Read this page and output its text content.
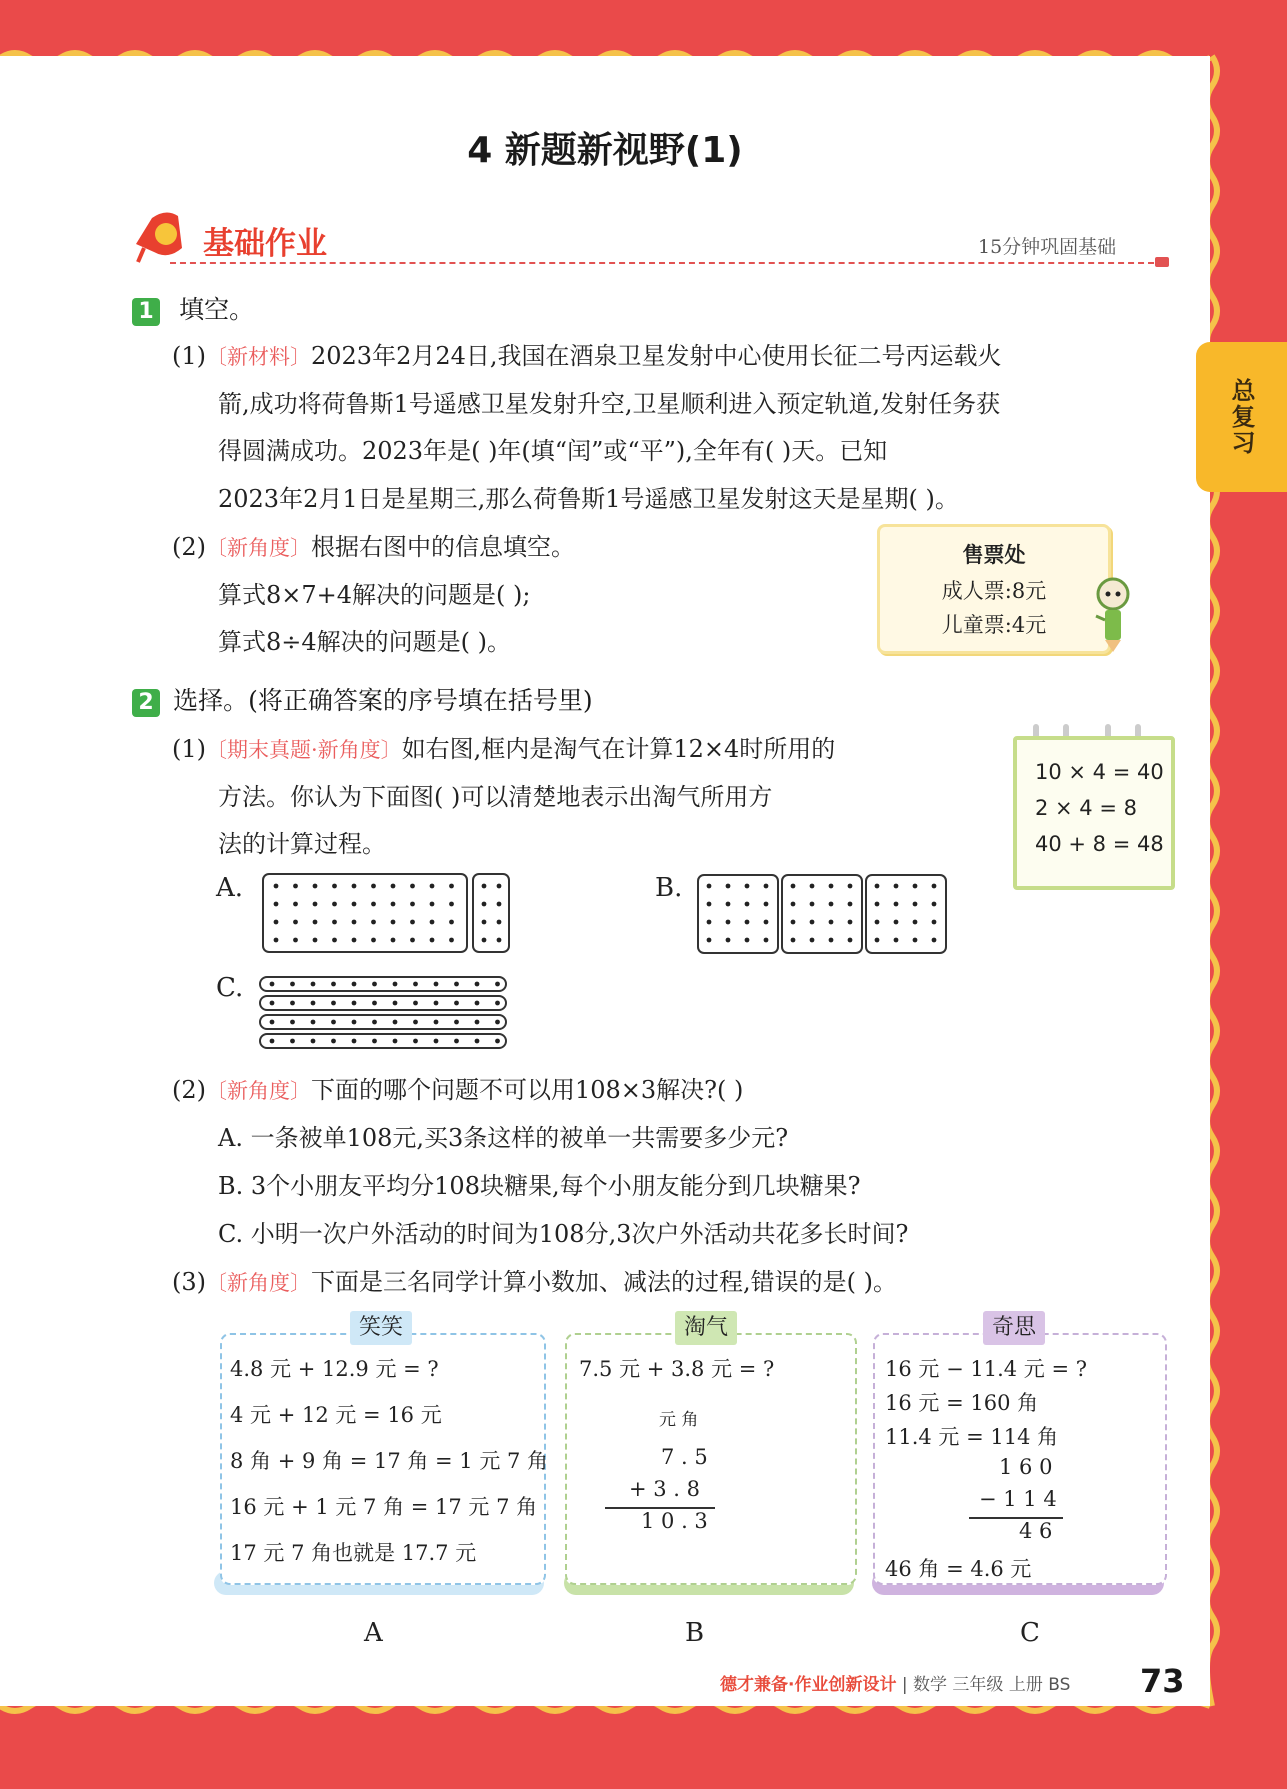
总复习
4 新题新视野(1)
基础作业	15分钟巩固基础
1 填空。
(1)〔新材料〕2023年2月24日,我国在酒泉卫星发射中心使用长征二号丙运载火
箭,成功将荷鲁斯1号遥感卫星发射升空,卫星顺利进入预定轨道,发射任务获
得圆满成功。2023年是( )年(填“闰”或“平”),全年有( )天。已知
2023年2月1日是星期三,那么荷鲁斯1号遥感卫星发射这天是星期( )。
(2)〔新角度〕根据右图中的信息填空。
算式8×7+4解决的问题是( );
算式8÷4解决的问题是( )。
售票处
成人票:8元
儿童票:4元
2 选择。(将正确答案的序号填在括号里)
(1)〔期末真题·新角度〕如右图,框内是淘气在计算12×4时所用的
方法。你认为下面图( )可以清楚地表示出淘气所用方
法的计算过程。
10 × 4 = 40
2 × 4 = 8
40 + 8 = 48
A.	B.
C.
(2)〔新角度〕下面的哪个问题不可以用108×3解决?( )
A. 一条被单108元,买3条这样的被单一共需要多少元?
B. 3个小朋友平均分108块糖果,每个小朋友能分到几块糖果?
C. 小明一次户外活动的时间为108分,3次户外活动共花多长时间?
(3)〔新角度〕下面是三名同学计算小数加、减法的过程,错误的是( )。
4.8 元 + 12.9 元 = ?
4 元 + 12 元 = 16 元
8 角 + 9 角 = 17 角 = 1 元 7 角
16 元 + 1 元 7 角 = 17 元 7 角
17 元 7 角也就是 17.7 元
笑笑
A
7.5 元 + 3.8 元 = ?
元 角
7 . 5
+ 3 . 8
1 0 . 3
淘气
B
16 元 − 11.4 元 = ?
16 元 = 160 角
11.4 元 = 114 角
1 6 0
− 1 1 4
4 6
46 角 = 4.6 元
奇思
C
德才兼备·作业创新设计 | 数学 三年级 上册 BS 73
